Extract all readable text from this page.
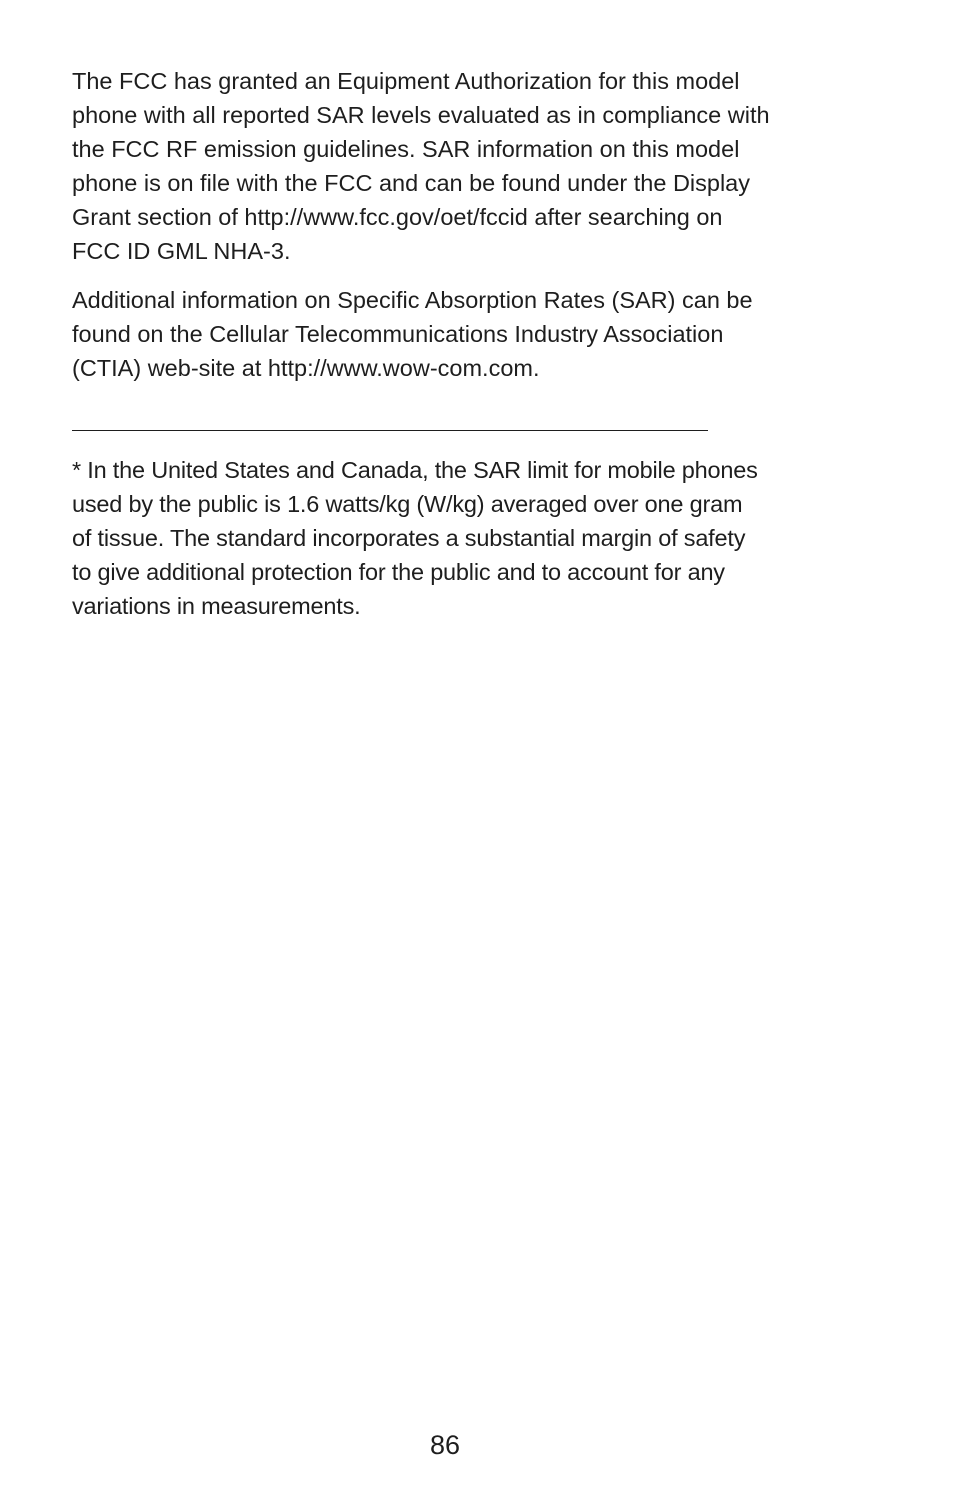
The FCC has granted an Equipment Authorization for this model
phone with all reported SAR levels evaluated as in compliance with
the FCC RF emission guidelines. SAR information on this model
phone is on file with the FCC and can be found under the Display
Grant section of http://www.fcc.gov/oet/fccid after searching on
FCC ID GML NHA-3.

Additional information on Specific Absorption Rates (SAR) can be
found on the Cellular Telecommunications Industry Association
(CTIA) web-site at http://www.wow-com.com.

* In the United States and Canada, the SAR limit for mobile phones
used by the public is 1.6 watts/kg (W/kg) averaged over one gram
of tissue. The standard incorporates a substantial margin of safety
to give additional protection for the public and to account for any
variations in measurements.

86
